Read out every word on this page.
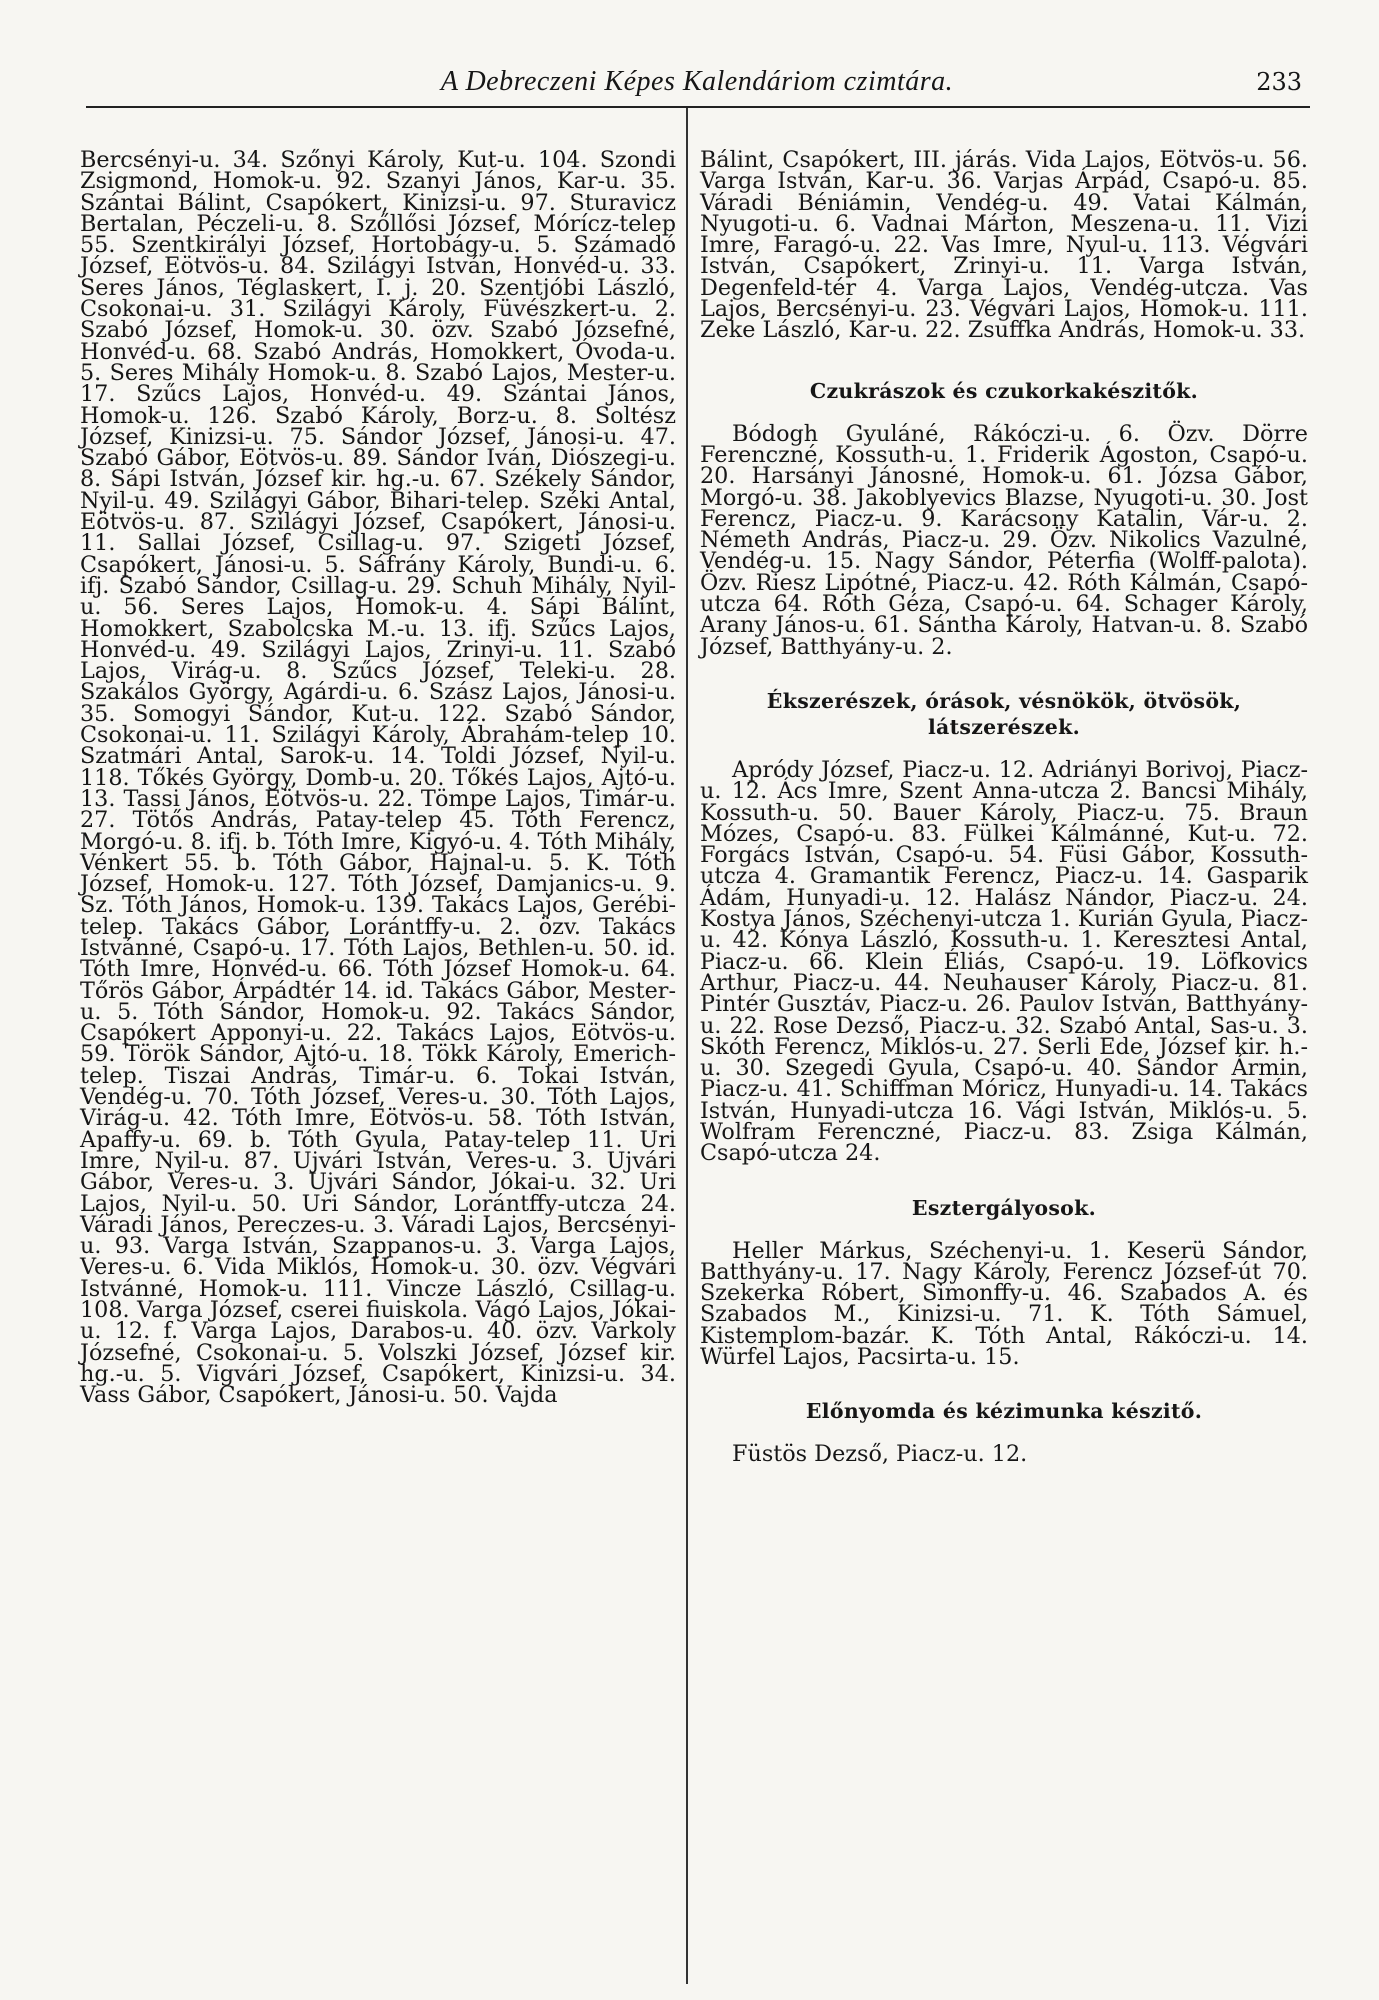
A Debreczeni Képes Kalendáriom czimtára.	233

Bercsényi-u. 34. Szőnyi Károly, Kut-u. 104. Szondi Zsigmond, Homok-u. 92. Szanyi János, Kar-u. 35. Szántai Bálint, Csapókert, Kinizsi-u. 97. Sturavicz Bertalan, Péczeli-u. 8. Szőllősi József, Mórícz-telep 55. Szentkirályi József, Hortobágy-u. 5. Számadó József, Eötvös-u. 84. Szilágyi István, Honvéd-u. 33. Seres János, Téglaskert, I. j. 20. Szentjóbi László, Csokonai-u. 31. Szilágyi Károly, Füvészkert-u. 2. Szabó József, Homok-u. 30. özv. Szabó Józsefné, Honvéd-u. 68. Szabó András, Homokkert, Óvoda-u. 5. Seres Mihály Homok-u. 8. Szabó Lajos, Mester-u. 17. Szűcs Lajos, Honvéd-u. 49. Szántai János, Homok-u. 126. Szabó Károly, Borz-u. 8. Soltész József, Kinizsi-u. 75. Sándor József, Jánosi-u. 47. Szabó Gábor, Eötvös-u. 89. Sándor Iván, Diószegi-u. 8. Sápi István, József kir. hg.-u. 67. Székely Sándor, Nyil-u. 49. Szilágyi Gábor, Bihari-telep. Széki Antal, Eötvös-u. 87. Szilágyi József, Csapókert, Jánosi-u. 11. Sallai József, Csillag-u. 97. Szigeti József, Csapókert, Jánosi-u. 5. Sáfrány Károly, Bundi-u. 6. ifj. Szabó Sándor, Csillag-u. 29. Schuh Mihály, Nyil-u. 56. Seres Lajos, Homok-u. 4. Sápi Bálint, Homokkert, Szabolcska M.-u. 13. ifj. Szűcs Lajos, Honvéd-u. 49. Szilágyi Lajos, Zrinyi-u. 11. Szabó Lajos, Virág-u. 8. Szűcs József, Teleki-u. 28. Szakálos György, Agárdi-u. 6. Szász Lajos, Jánosi-u. 35. Somogyi Sándor, Kut-u. 122. Szabó Sándor, Csokonai-u. 11. Szilágyi Károly, Ábrahám-telep 10. Szatmári Antal, Sarok-u. 14. Toldi József, Nyil-u. 118. Tőkés György, Domb-u. 20. Tőkés Lajos, Ajtó-u. 13. Tassi János, Eötvös-u. 22. Tömpe Lajos, Timár-u. 27. Tötős András, Patay-telep 45. Tóth Ferencz, Morgó-u. 8. ifj. b. Tóth Imre, Kigyó-u. 4. Tóth Mihály, Vénkert 55. b. Tóth Gábor, Hajnal-u. 5. K. Tóth József, Homok-u. 127. Tóth József, Damjanics-u. 9. Sz. Tóth János, Homok-u. 139. Takács Lajos, Gerébi-telep. Takács Gábor, Lorántffy-u. 2. özv. Takács Istvánné, Csapó-u. 17. Tóth Lajos, Bethlen-u. 50. id. Tóth Imre, Honvéd-u. 66. Tóth József Homok-u. 64. Tőrös Gábor, Árpádtér 14. id. Takács Gábor, Mester-u. 5. Tóth Sándor, Homok-u. 92. Takács Sándor, Csapókert Apponyi-u. 22. Takács Lajos, Eötvös-u. 59. Török Sándor, Ajtó-u. 18. Tökk Károly, Emerich-telep. Tiszai András, Timár-u. 6. Tokai István, Vendég-u. 70. Tóth József, Veres-u. 30. Tóth Lajos, Virág-u. 42. Tóth Imre, Eötvös-u. 58. Tóth István, Apaffy-u. 69. b. Tóth Gyula, Patay-telep 11. Uri Imre, Nyil-u. 87. Ujvári István, Veres-u. 3. Ujvári Gábor, Veres-u. 3. Ujvári Sándor, Jókai-u. 32. Uri Lajos, Nyil-u. 50. Uri Sándor, Lorántffy-utcza 24. Váradi János, Pereczes-u. 3. Váradi Lajos, Bercsényi-u. 93. Varga István, Szappanos-u. 3. Varga Lajos, Veres-u. 6. Vida Miklós, Homok-u. 30. özv. Végvári Istvánné, Homok-u. 111. Vincze László, Csillag-u. 108. Varga József, cserei fiuiskola. Vágó Lajos, Jókai-u. 12. f. Varga Lajos, Darabos-u. 40. özv. Varkoly Józsefné, Csokonai-u. 5. Volszki József, József kir. hg.-u. 5. Vigvári József, Csapókert, Kinizsi-u. 34. Vass Gábor, Csapókert, Jánosi-u. 50. Vajda

Bálint, Csapókert, III. járás. Vida Lajos, Eötvös-u. 56. Varga István, Kar-u. 36. Varjas Árpád, Csapó-u. 85. Váradi Béniámin, Vendég-u. 49. Vatai Kálmán, Nyugoti-u. 6. Vadnai Márton, Meszena-u. 11. Vizi Imre, Faragó-u. 22. Vas Imre, Nyul-u. 113. Végvári István, Csapókert, Zrinyi-u. 11. Varga István, Degenfeld-tér 4. Varga Lajos, Vendég-utcza. Vas Lajos, Bercsényi-u. 23. Végvári Lajos, Homok-u. 111. Zeke László, Kar-u. 22. Zsuffka András, Homok-u. 33.

Czukrászok és czukorkakészitők.

Bódogh Gyuláné, Rákóczi-u. 6. Özv. Dörre Ferenczné, Kossuth-u. 1. Friderik Ágoston, Csapó-u. 20. Harsányi Jánosné, Homok-u. 61. Józsa Gábor, Morgó-u. 38. Jakoblyevics Blazse, Nyugoti-u. 30. Jost Ferencz, Piacz-u. 9. Karácsony Katalin, Vár-u. 2. Németh András, Piacz-u. 29. Özv. Nikolics Vazulné, Vendég-u. 15. Nagy Sándor, Péterfia (Wolff-palota). Özv. Riesz Lipótné, Piacz-u. 42. Róth Kálmán, Csapó-utcza 64. Róth Géza, Csapó-u. 64. Schager Károly, Arany János-u. 61. Sántha Károly, Hatvan-u. 8. Szabó József, Batthyány-u. 2.

Ékszerészek, órások, vésnökök, ötvösök, látszerészek.

Apródy József, Piacz-u. 12. Adriányi Borivoj, Piacz-u. 12. Ács Imre, Szent Anna-utcza 2. Bancsi Mihály, Kossuth-u. 50. Bauer Károly, Piacz-u. 75. Braun Mózes, Csapó-u. 83. Fülkei Kálmánné, Kut-u. 72. Forgács István, Csapó-u. 54. Füsi Gábor, Kossuth-utcza 4. Gramantik Ferencz, Piacz-u. 14. Gasparik Ádám, Hunyadi-u. 12. Halász Nándor, Piacz-u. 24. Kostya János, Széchenyi-utcza 1. Kurián Gyula, Piacz-u. 42. Kónya László, Kossuth-u. 1. Keresztesi Antal, Piacz-u. 66. Klein Éliás, Csapó-u. 19. Löfkovics Arthur, Piacz-u. 44. Neuhauser Károly, Piacz-u. 81. Pintér Gusztáv, Piacz-u. 26. Paulov István, Batthyány-u. 22. Rose Dezső, Piacz-u. 32. Szabó Antal, Sas-u. 3. Skóth Ferencz, Miklós-u. 27. Serli Ede, József kir. h.-u. 30. Szegedi Gyula, Csapó-u. 40. Sándor Ármin, Piacz-u. 41. Schiffman Móricz, Hunyadi-u. 14. Takács István, Hunyadi-utcza 16. Vági István, Miklós-u. 5. Wolfram Ferenczné, Piacz-u. 83. Zsiga Kálmán, Csapó-utcza 24.

Esztergályosok.

Heller Márkus, Széchenyi-u. 1. Keserü Sándor, Batthyány-u. 17. Nagy Károly, Ferencz József-út 70. Szekerka Róbert, Simonffy-u. 46. Szabados A. és Szabados M., Kinizsi-u. 71. K. Tóth Sámuel, Kistemplom-bazár. K. Tóth Antal, Rákóczi-u. 14. Würfel Lajos, Pacsirta-u. 15.

Előnyomda és kézimunka készitő.

Füstös Dezső, Piacz-u. 12.
